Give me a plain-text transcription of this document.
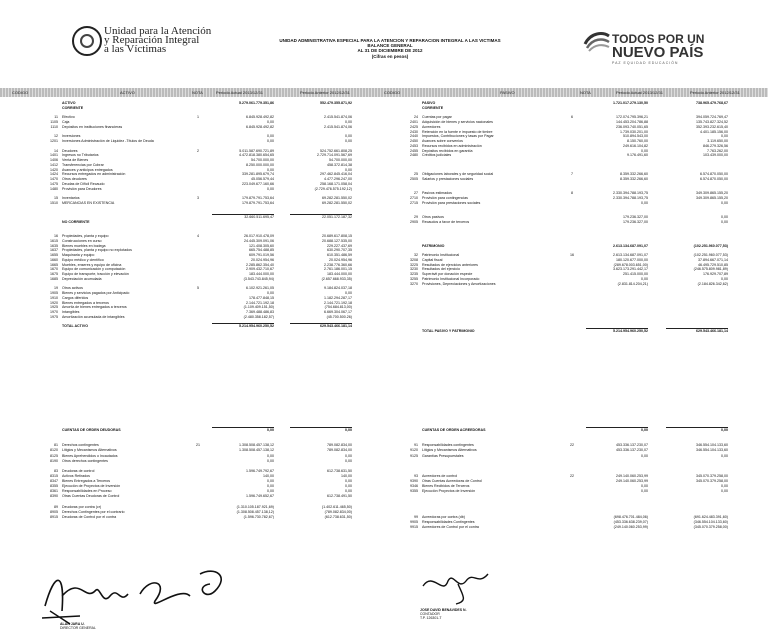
Unidad para la Atención
y Reparación Integral
a las Víctimas
UNIDAD ADMINISTRATIVA ESPECIAL PARA LA ATENCION Y REPARACION INTEGRAL A LAS VICTIMAS
BALANCE GENERAL
AL 31 DE DICIEMBRE DE 2012
(Cifras en pesos)
TODOS POR UN
NUEVO PAÍS
PAZ EQUIDAD EDUCACIÓN
CODIGO	ACTIVO	NOTA	Periodo Actual 2013/12/31	Periodo Anterior 2012/12/31	CODIGO	PASIVO	NOTA	Periodo Actual 2013/12/31	Periodo Anterior 2012/12/31
ACTIVO	5.279.061.779.351,86	552.479.355.871,92
CORRIENTE
11 Efectivo	1	6.845.928.492,82	2.415.541.874,06
1105 Caja	0,00	0,00
1110 Depósitos en instituciones financieras	6.845.928.492,82	2.415.541.874,06
12 Inversiones	0,00	0,00
1201 Inversiones Administración de Liquidez -Títulos de Deuda	0,00	0,00
14 Deudores	2	5.011.587.690.721,89	524.752.661.808,25
1401 Ingresos no Tributarios	4.472.818.380.654,65	2.729.714.091.567,69
1406 Venta de Bienes	54.700.000,00	54.700.000,00
1412 Transferencias por Cobrar	8.250.000.000,00	458.372.814,38
1420 Avances y anticipos entregados	0,00	0,00
1424 Recursos entregados en administración	339.281.895.679,74	297.462.845.416,04
1470 Otros deudores	45.056.579,44	4.477.296.247,00
1475 Deudas de Difícil Recaudo	223.049.677.160,66	258.168.171.058,04
1480 Provisión para Deudores	0,00	(2.729.476.575.192,12)
15 Inventarios	3	179.879.791.753,64	69.282.281.550,02
1510 MERCANCIAS EN EXISTENCIA	179.879.791.753,64	69.282.281.550,02
32.660.511.695,47	22.051.172.187,32
NO CORRIENTE
16 Propiedades, planta y equipo	4	26.017.910.478,09	20.689.617.808,15
1615 Construcciones en curso	24.445.309.091,06	20.688.127.535,00
1635 Bienes muebles en bodega	121.408.305,60	229.227.437,69
1637 Propiedades, planta y equipo no explotados	665.754.488,85	630.290.707,35
1655 Maquinaria y equipo	609.791.019,56	610.351.486,59
1660 Equipo médico y científico	20.024.954,96	20.024.954,96
1665 Muebles, enseres y equipo de oficina	2.285.862.354,40	2.238.776.360,66
1670 Equipo de comunicación y computación	2.909.432.710,67	2.761.186.001,15
1675 Equipo de transporte, tracción y elevación	183.444.000,00	183.444.000,00
1685 Depreciación acumulada	(3.543.743.845,94)	(2.657.668.933,35)
19 Otros activos	5	6.102.921.261,05	9.184.824.037,18
1905 Bienes y servicios pagados por Anticipado	0,00	0,00
1910 Cargos diferidos	178.477.848,15	1.182.294.287,17
1920 Bienes entregados a terceros	2.144.721.192,18	2.144.721.192,18
1925 Amortiz.de bienes entregados a terceros	(1.109.409.151,50)	(754.684.813,00)
1970 Intangibles	7.369.488.486,83	6.669.304.067,17
1975 Amortización acumulada de intangibles	(2.480.358.182,57)	(45.700.500.26)
TOTAL ACTIVO	5.214.954.960.250,52	629.543.466.181,14
PASIVO	1.721.017.279.130,50	738.965.479.768,67
CORRIENTE
24 Cuentas por pagar	6	172.074.795.396,21	394.059.724.769,47
2401 Adquisición de bienes y servicios nacionales	144.453.204.786,88	135.743.827.324,52
2425 Acreedores	236.093.740.051,65	352.393.232.615,40
2430 Retención en la fuente e impuesto de timbre	1.739.030.201,00	4.401.185.156,00
2440 Impuestos, Contribuciones y tasas por Pagar	510.894.543,00	0,00
2450 Avances sobre convenios	8.150.760,00	3.119.650,00
2453 Recursos recibidos en administración	249.616.104,82	846.279.326,56
2455 Depósitos recibidos en garantía	0,00	7.763.262,00
2480 Créditos judiciales	9.176.491,60	103.439.000,00
25 Obligaciones laborales y de seguridad social	7	8.359.332.266,60	6.574.870.050,00
2505 Salarios y prestaciones sociales	8.359.332.266,60	6.574.870.050,00
27 Pasivos estimados	8	2.330.394.788.193,75	349.309.865.155,20
2710 Provisión para contingencias	2.330.394.788.193,75	349.309.865.155,20
2715 Provisión para prestaciones sociales	0,00	0,00
29 Otros pasivos	179.236.327,00	0,00
2905 Recaudos a favor de terceros	179.236.327,00	0,00
PATRIMONIO	2.613.134.687.091,07	(102.251.960.077,53)
32 Patrimonio Institucional	16	2.613.134.687.091,07	(102.251.960.077,53)
3208 Capital fiscal	180.120.677.000,00	37.894.667.071,14
3225 Resultados de ejercicios anteriores	(289.678.003.651,00)	46.495.729.510,85
3230 Resultados del ejercicio	3.623.173.291.442,17	(246.575.809.981,89)
3235 Superávit por donación especie	251.415.000,00	176.929.707,89
3255 Patrimonio Institucional Incorporado	0,00	0,00
3270 Provisiones, Depreciaciones y Amortizaciones	(2.831.814.204,21)	(2.184.826.342,62)
TOTAL PASIVO Y PATRIMONIO	5.214.954.960.250,52	629.543.466.181,14
CUENTAS DE ORDEN DEUDORAS	0,00	0,00
81 Derechos contingentes	21	1.308.508.457.138,12	789.082.834,00
8120 Litigios y Mecanismos Alternativos	1.308.508.457.138,12	789.082.834,00
8125 Bienes Aprehendidos o Incautados	0,00	0,00
8190 Otros derechos contingentes	0,00	0,00
83 Deudoras de control	1.596.749.792,67	612.738.631,50
8315 Activos Retirados	140,00	140,00
8347 Bienes Entregados a Terceros	0,00	0,00
8355 Ejecución de Proyectos de Inversión	0,00	0,00
8361 Responsabilidades en Proceso	0,00	0,00
8390 Otras Cuentas Deudoras de Control	1.596.749.652,67	612.738.491,50
89 Deudoras por contra (cr)	(1.310.105.187.921,69)	(1.402.611.465,50)
8905 Derechos Contingentes por el contrario	(1.308.508.457.138,12)	(789.082.834,00)
8915 Deudoras de Control por el contra	(1.596.730.782,67)	(612.738.631,50)
CUENTAS DE ORDEN ACREEDORAS	0,00	0,00
91 Responsabilidades contingentes	22	453.336.137.230,07	346.554.104.133,60
9120 Litigios y Mecanismos Alternativos	453.336.137.230,07	346.554.104.133,60
9125 Garantías Presupuestales	0,00	0,00
93 Acreedores de control	22	249.140.060.253,99	345.070.379.258,00
9390 Otras Cuentas Acreedoras de Control	249.140.060.253,99	345.070.379.258,00
9346 Bienes Recibidos de Terceros	0,00	0,00
9355 Ejecución Proyectos de Inversión	0,00	0,00
99 Acreedoras por contra (db)	(698.476.701.484,06)	(691.624.483.391,60)
9905 Responsabilidades Contingentes	(453.336.638.239,07)	(346.554.104.133,60)
9915 Acreedores de Control por el contra	(249.140.060.253,99)	(345.070.379.258,00)
ALAN JARA U.
DIRECTOR GENERAL
JOSE DAVID BENAVIDES N.
CONTADOR
T.P. 126301-T
